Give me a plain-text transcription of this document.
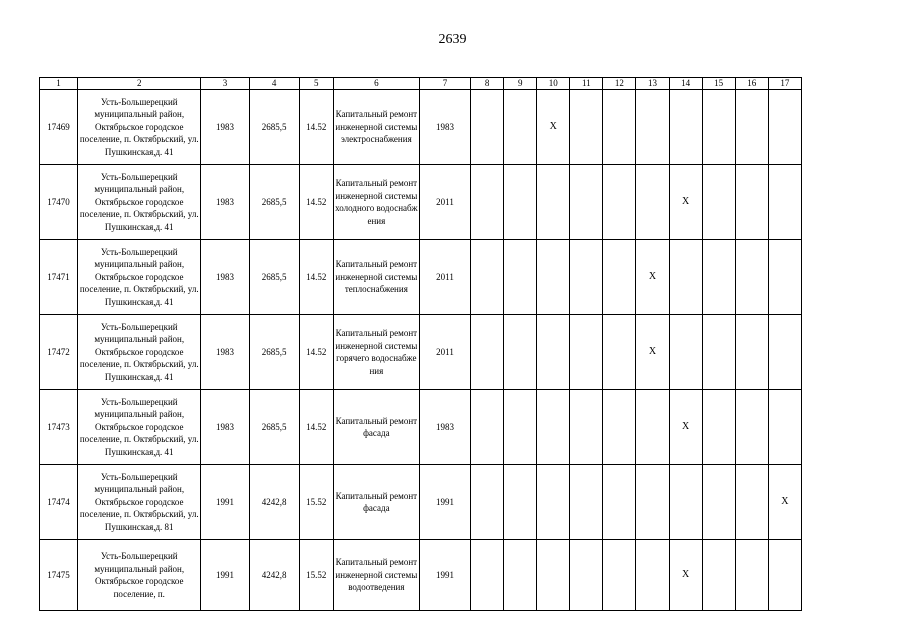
2639
1	2	3	4	5	6	7	8	9	10	11	12	13	14	15	16	17
17469	Усть-Большерецкий муниципальный район, Октябрьское городское поселение, п. Октябрьский, ул. Пушкинская,д. 41	1983	2685,5	14.52	Капитальный ремонт инженерной системы электроснабжения	1983			X							
17470	Усть-Большерецкий муниципальный район, Октябрьское городское поселение, п. Октябрьский, ул. Пушкинская,д. 41	1983	2685,5	14.52	Капитальный ремонт инженерной системы холодного водоснабжения	2011							X			
17471	Усть-Большерецкий муниципальный район, Октябрьское городское поселение, п. Октябрьский, ул. Пушкинская,д. 41	1983	2685,5	14.52	Капитальный ремонт инженерной системы теплоснабжения	2011						X				
17472	Усть-Большерецкий муниципальный район, Октябрьское городское поселение, п. Октябрьский, ул. Пушкинская,д. 41	1983	2685,5	14.52	Капитальный ремонт инженерной системы горячего водоснабжения	2011						X				
17473	Усть-Большерецкий муниципальный район, Октябрьское городское поселение, п. Октябрьский, ул. Пушкинская,д. 41	1983	2685,5	14.52	Капитальный ремонт фасада	1983							X			
17474	Усть-Большерецкий муниципальный район, Октябрьское городское поселение, п. Октябрьский, ул. Пушкинская,д. 81	1991	4242,8	15.52	Капитальный ремонт фасада	1991										X
17475	Усть-Большерецкий муниципальный район, Октябрьское городское поселение, п.	1991	4242,8	15.52	Капитальный ремонт инженерной системы водоотведения	1991							X			
